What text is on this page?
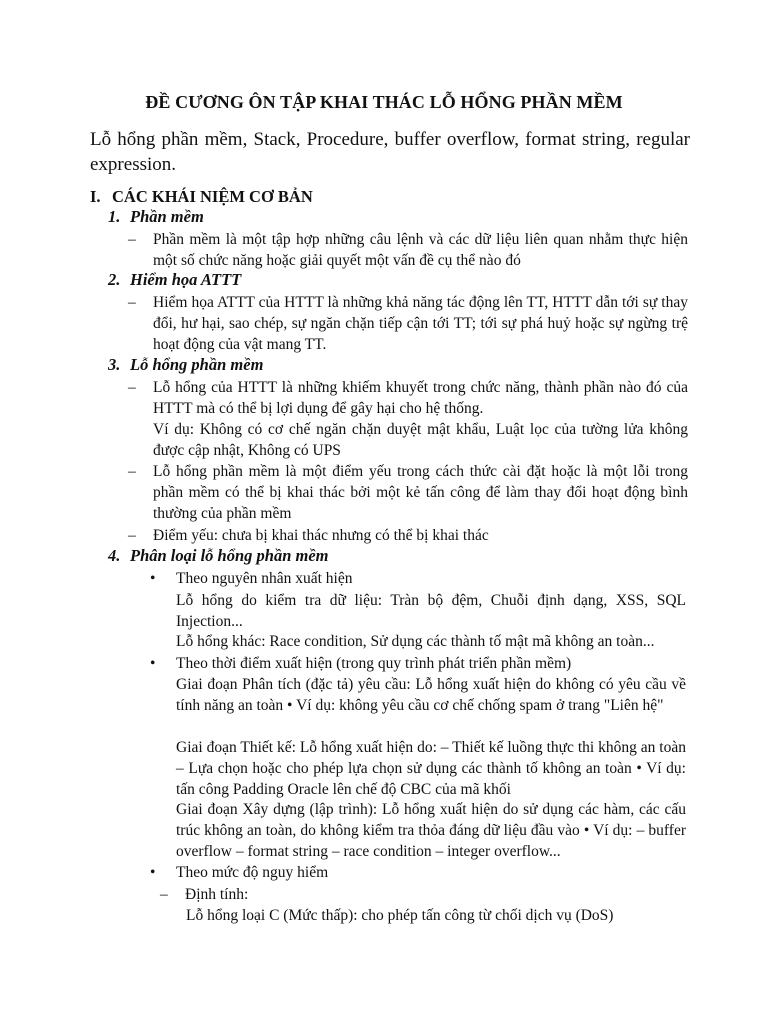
ĐỀ CƯƠNG ÔN TẬP KHAI THÁC LỖ HỔNG PHẦN MỀM
Lỗ hổng phần mềm, Stack, Procedure, buffer overflow, format string, regular expression.
I. CÁC KHÁI NIỆM CƠ BẢN
1. Phần mềm
– Phần mềm là một tập hợp những câu lệnh và các dữ liệu liên quan nhằm thực hiện một số chức năng hoặc giải quyết một vấn đề cụ thể nào đó
2. Hiểm họa ATTT
– Hiểm họa ATTT của HTTT là những khả năng tác động lên TT, HTTT dẫn tới sự thay đổi, hư hại, sao chép, sự ngăn chặn tiếp cận tới TT; tới sự phá huỷ hoặc sự ngừng trệ hoạt động của vật mang TT.
3. Lỗ hổng phần mềm
– Lỗ hổng của HTTT là những khiếm khuyết trong chức năng, thành phần nào đó của HTTT mà có thể bị lợi dụng để gây hại cho hệ thống.
Ví dụ: Không có cơ chế ngăn chặn duyệt mật khẩu, Luật lọc của tường lửa không được cập nhật, Không có UPS
– Lỗ hổng phần mềm là một điểm yếu trong cách thức cài đặt hoặc là một lỗi trong phần mềm có thể bị khai thác bởi một kẻ tấn công để làm thay đổi hoạt động bình thường của phần mềm
– Điểm yếu: chưa bị khai thác nhưng có thể bị khai thác
4. Phân loại lỗ hổng phần mềm
• Theo nguyên nhân xuất hiện
Lỗ hổng do kiểm tra dữ liệu: Tràn bộ đệm, Chuỗi định dạng, XSS, SQL Injection...
Lỗ hổng khác: Race condition, Sử dụng các thành tố mật mã không an toàn...
• Theo thời điểm xuất hiện (trong quy trình phát triển phần mềm)
Giai đoạn Phân tích (đặc tả) yêu cầu: Lỗ hổng xuất hiện do không có yêu cầu về tính năng an toàn • Ví dụ: không yêu cầu cơ chế chống spam ở trang "Liên hệ"
Giai đoạn Thiết kế: Lỗ hổng xuất hiện do: – Thiết kế luồng thực thi không an toàn – Lựa chọn hoặc cho phép lựa chọn sử dụng các thành tố không an toàn • Ví dụ: tấn công Padding Oracle lên chế độ CBC của mã khối
Giai đoạn Xây dựng (lập trình): Lỗ hổng xuất hiện do sử dụng các hàm, các cấu trúc không an toàn, do không kiểm tra thỏa đáng dữ liệu đầu vào • Ví dụ: – buffer overflow – format string – race condition – integer overflow...
• Theo mức độ nguy hiểm
– Định tính:
Lỗ hổng loại C (Mức thấp): cho phép tấn công từ chối dịch vụ (DoS)
